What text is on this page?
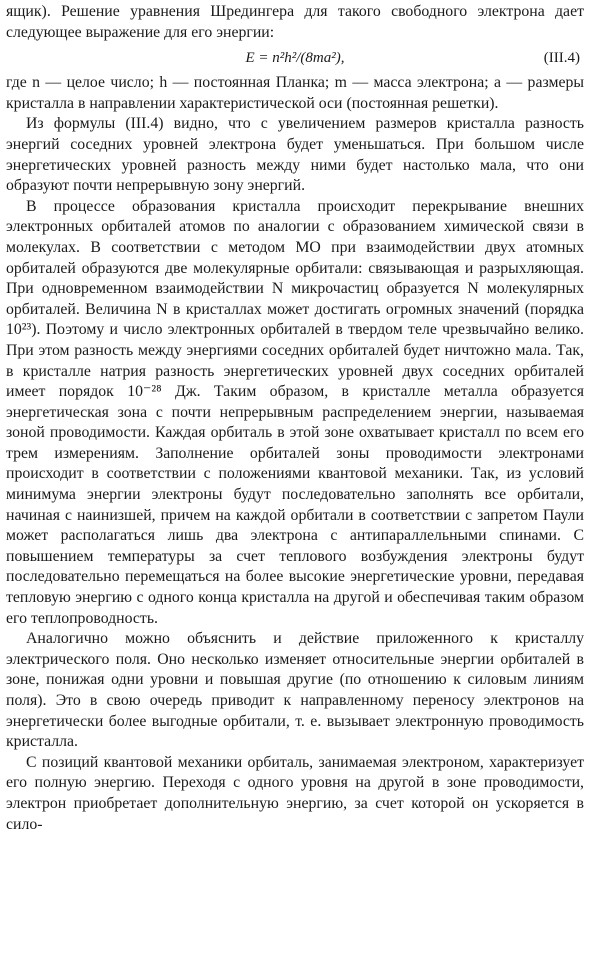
ящик). Решение уравнения Шредингера для такого свободного электрона дает следующее выражение для его энергии:

E = n²h²/(8ma²),	(III.4)

где n — целое число; h — постоянная Планка; m — масса электрона; a — размеры кристалла в направлении характеристической оси (постоянная решетки).

Из формулы (III.4) видно, что с увеличением размеров кристалла разность энергий соседних уровней электрона будет уменьшаться. При большом числе энергетических уровней разность между ними будет настолько мала, что они образуют почти непрерывную зону энергий.

В процессе образования кристалла происходит перекрывание внешних электронных орбиталей атомов по аналогии с образованием химической связи в молекулах. В соответствии с методом МО при взаимодействии двух атомных орбиталей образуются две молекулярные орбитали: связывающая и разрыхляющая. При одновременном взаимодействии N микрочастиц образуется N молекулярных орбиталей. Величина N в кристаллах может достигать огромных значений (порядка 10²³). Поэтому и число электронных орбиталей в твердом теле чрезвычайно велико. При этом разность между энергиями соседних орбиталей будет ничтожно мала. Так, в кристалле натрия разность энергетических уровней двух соседних орбиталей имеет порядок 10⁻²⁸ Дж. Таким образом, в кристалле металла образуется энергетическая зона с почти непрерывным распределением энергии, называемая зоной проводимости. Каждая орбиталь в этой зоне охватывает кристалл по всем его трем измерениям. Заполнение орбиталей зоны проводимости электронами происходит в соответствии с положениями квантовой механики. Так, из условий минимума энергии электроны будут последовательно заполнять все орбитали, начиная с наинизшей, причем на каждой орбитали в соответствии с запретом Паули может располагаться лишь два электрона с антипараллельными спинами. С повышением температуры за счет теплового возбуждения электроны будут последовательно перемещаться на более высокие энергетические уровни, передавая тепловую энергию с одного конца кристалла на другой и обеспечивая таким образом его теплопроводность.

Аналогично можно объяснить и действие приложенного к кристаллу электрического поля. Оно несколько изменяет относительные энергии орбиталей в зоне, понижая одни уровни и повышая другие (по отношению к силовым линиям поля). Это в свою очередь приводит к направленному переносу электронов на энергетически более выгодные орбитали, т. е. вызывает электронную проводимость кристалла.

С позиций квантовой механики орбиталь, занимаемая электроном, характеризует его полную энергию. Переходя с одного уровня на другой в зоне проводимости, электрон приобретает дополнительную энергию, за счет которой он ускоряется в сило-
